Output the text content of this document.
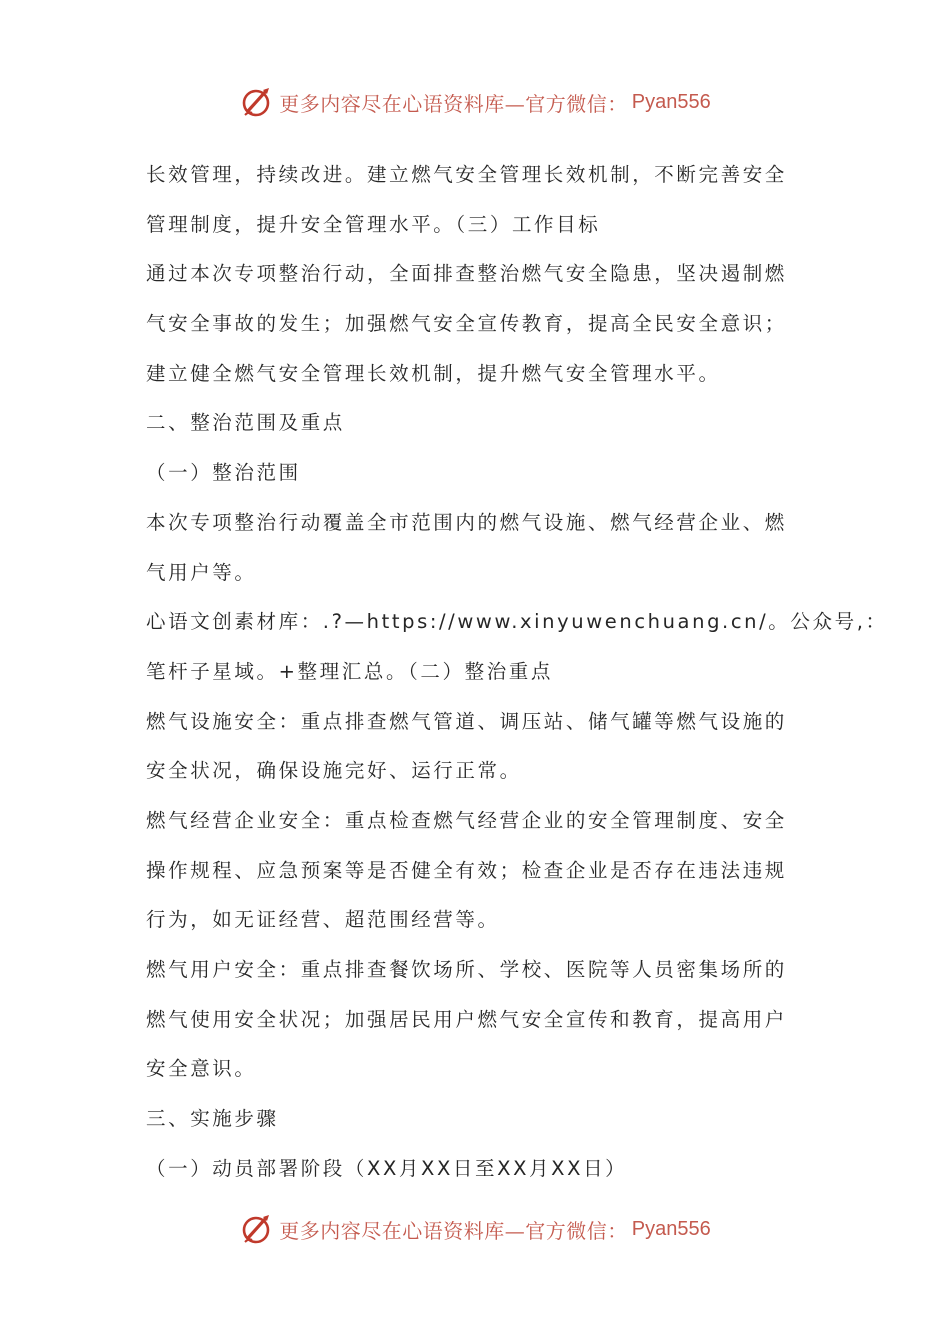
更多内容尽在心语资料库—官方微信： Pyan556
长效管理，持续改进。建立燃气安全管理长效机制，不断完善安全
管理制度，提升安全管理水平。（三）工作目标
通过本次专项整治行动，全面排查整治燃气安全隐患，坚决遏制燃
气安全事故的发生；加强燃气安全宣传教育，提高全民安全意识；
建立健全燃气安全管理长效机制，提升燃气安全管理水平。
二、整治范围及重点
（一）整治范围
本次专项整治行动覆盖全市范围内的燃气设施、燃气经营企业、燃
气用户等。
心语文创素材库：.?—https://www.xinyuwenchuang.cn/。公众号,：
笔杆子星域。+整理汇总。（二）整治重点
燃气设施安全：重点排查燃气管道、调压站、储气罐等燃气设施的
安全状况，确保设施完好、运行正常。
燃气经营企业安全：重点检查燃气经营企业的安全管理制度、安全
操作规程、应急预案等是否健全有效；检查企业是否存在违法违规
行为，如无证经营、超范围经营等。
燃气用户安全：重点排查餐饮场所、学校、医院等人员密集场所的
燃气使用安全状况；加强居民用户燃气安全宣传和教育，提高用户
安全意识。
三、实施步骤
（一）动员部署阶段（XX月XX日至XX月XX日）
更多内容尽在心语资料库—官方微信： Pyan556
